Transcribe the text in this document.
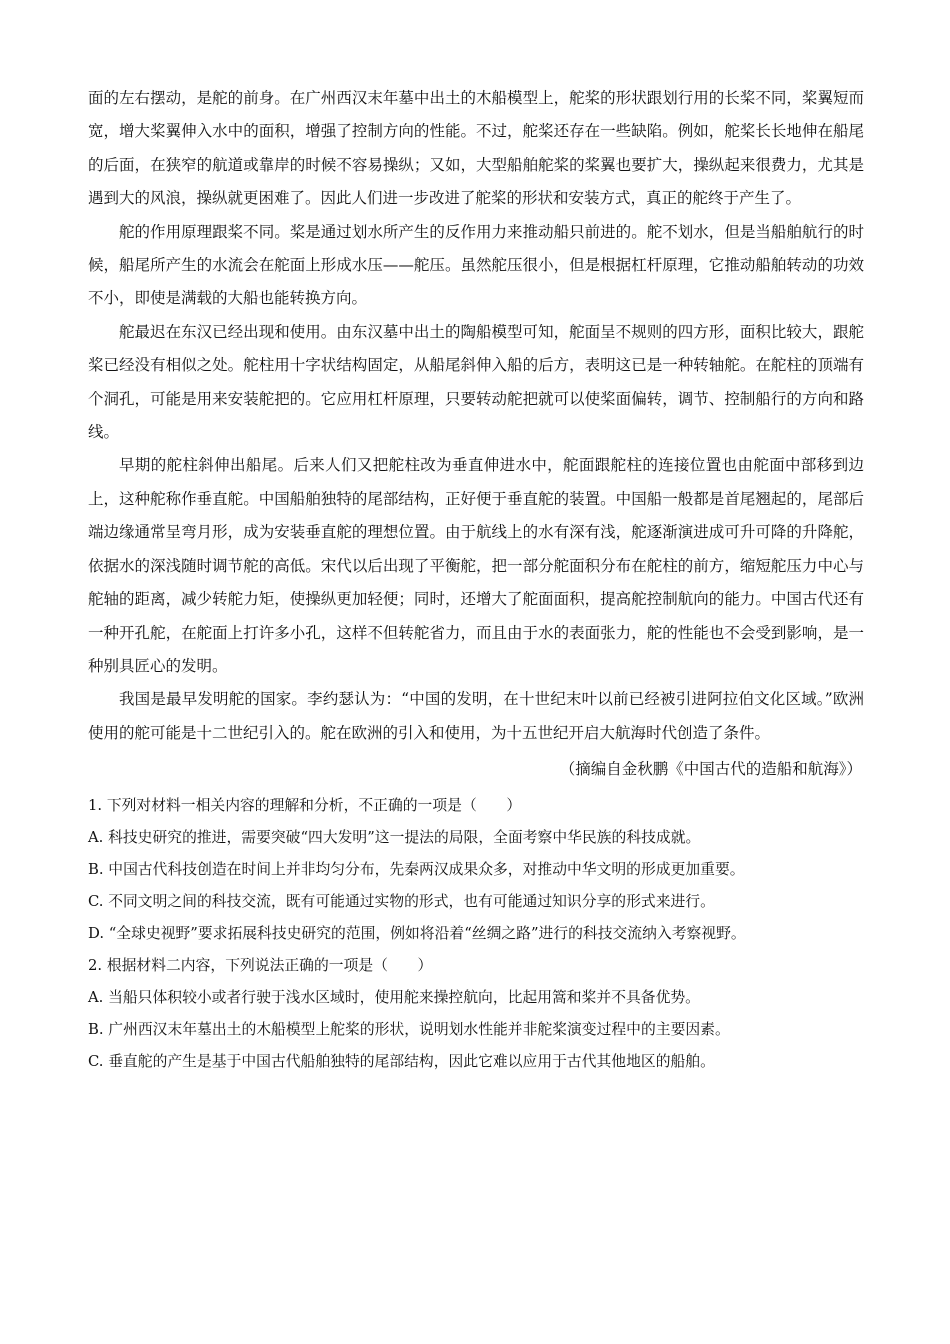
面的左右摆动，是舵的前身。在广州西汉末年墓中出土的木船模型上，舵桨的形状跟划行用的长桨不同，桨翼短而宽，增大桨翼伸入水中的面积，增强了控制方向的性能。不过，舵桨还存在一些缺陷。例如，舵桨长长地伸在船尾的后面，在狭窄的航道或靠岸的时候不容易操纵；又如，大型船舶舵桨的桨翼也要扩大，操纵起来很费力，尤其是遇到大的风浪，操纵就更困难了。因此人们进一步改进了舵桨的形状和安装方式，真正的舵终于产生了。

舵的作用原理跟桨不同。桨是通过划水所产生的反作用力来推动船只前进的。舵不划水，但是当船舶航行的时候，船尾所产生的水流会在舵面上形成水压——舵压。虽然舵压很小，但是根据杠杆原理，它推动船舶转动的功效不小，即使是满载的大船也能转换方向。

舵最迟在东汉已经出现和使用。由东汉墓中出土的陶船模型可知，舵面呈不规则的四方形，面积比较大，跟舵桨已经没有相似之处。舵柱用十字状结构固定，从船尾斜伸入船的后方，表明这已是一种转轴舵。在舵柱的顶端有个洞孔，可能是用来安装舵把的。它应用杠杆原理，只要转动舵把就可以使桨面偏转，调节、控制船行的方向和路线。

早期的舵柱斜伸出船尾。后来人们又把舵柱改为垂直伸进水中，舵面跟舵柱的连接位置也由舵面中部移到边上，这种舵称作垂直舵。中国船舶独特的尾部结构，正好便于垂直舵的装置。中国船一般都是首尾翘起的，尾部后端边缘通常呈弯月形，成为安装垂直舵的理想位置。由于航线上的水有深有浅，舵逐渐演进成可升可降的升降舵，依据水的深浅随时调节舵的高低。宋代以后出现了平衡舵，把一部分舵面积分布在舵柱的前方，缩短舵压力中心与舵轴的距离，减少转舵力矩，使操纵更加轻便；同时，还增大了舵面面积，提高舵控制航向的能力。中国古代还有一种开孔舵，在舵面上打许多小孔，这样不但转舵省力，而且由于水的表面张力，舵的性能也不会受到影响，是一种别具匠心的发明。

我国是最早发明舵的国家。李约瑟认为：“中国的发明，在十世纪末叶以前已经被引进阿拉伯文化区域。”欧洲使用的舵可能是十二世纪引入的。舵在欧洲的引入和使用，为十五世纪开启大航海时代创造了条件。

（摘编自金秋鹏《中国古代的造船和航海》）

1. 下列对材料一相关内容的理解和分析，不正确的一项是（　　）

A. 科技史研究的推进，需要突破“四大发明”这一提法的局限，全面考察中华民族的科技成就。

B. 中国古代科技创造在时间上并非均匀分布，先秦两汉成果众多，对推动中华文明的形成更加重要。

C. 不同文明之间的科技交流，既有可能通过实物的形式，也有可能通过知识分享的形式来进行。

D. “全球史视野”要求拓展科技史研究的范围，例如将沿着“丝绸之路”进行的科技交流纳入考察视野。

2. 根据材料二内容，下列说法正确的一项是（　　）

A. 当船只体积较小或者行驶于浅水区域时，使用舵来操控航向，比起用篙和桨并不具备优势。

B. 广州西汉末年墓出土的木船模型上舵桨的形状，说明划水性能并非舵桨演变过程中的主要因素。

C. 垂直舵的产生是基于中国古代船舶独特的尾部结构，因此它难以应用于古代其他地区的船舶。
